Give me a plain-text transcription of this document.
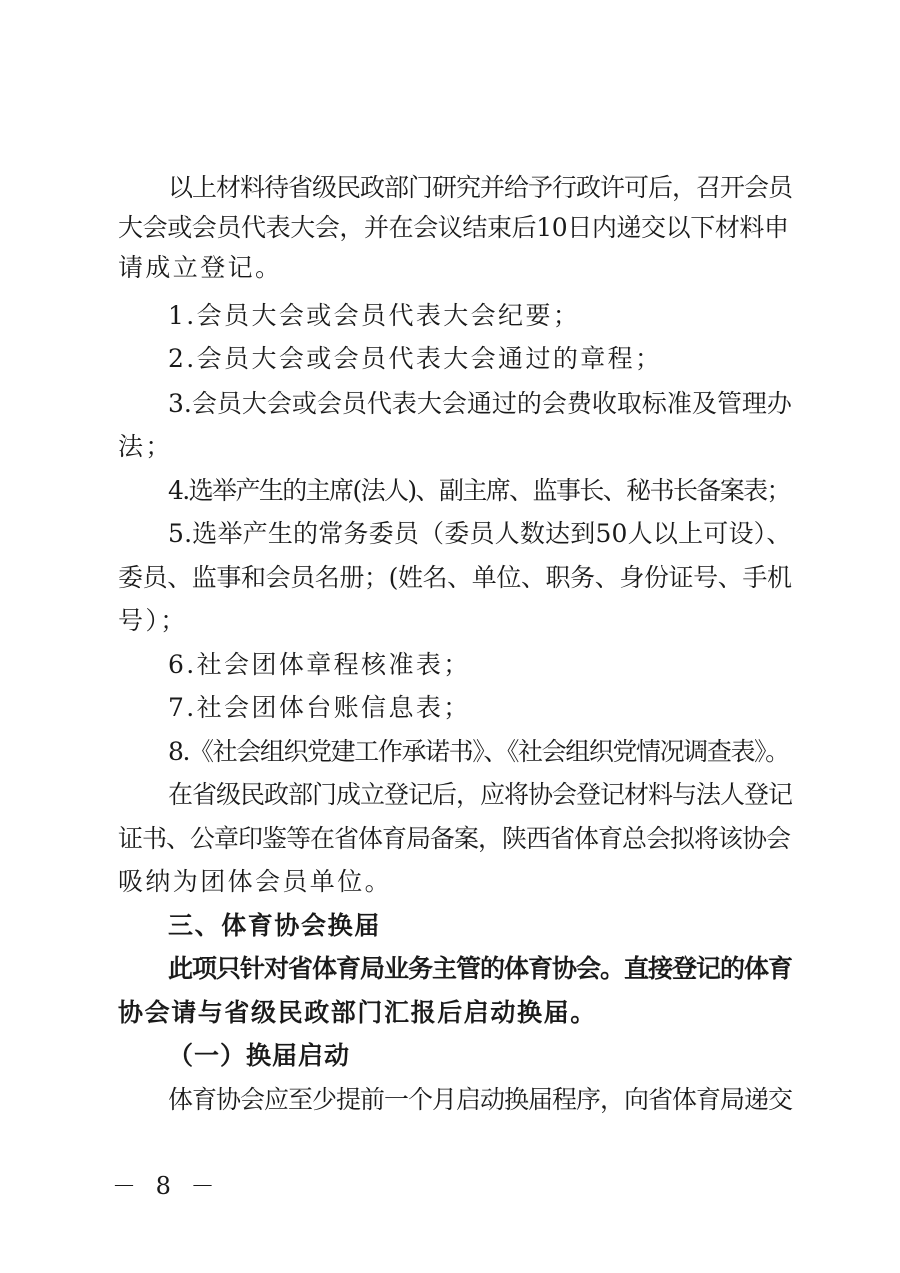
以上材料待省级民政部门研究并给予行政许可后，召开会员
大会或会员代表大会，并在会议结束后10日内递交以下材料申
请成立登记。
1.会员大会或会员代表大会纪要；
2.会员大会或会员代表大会通过的章程；
3.会员大会或会员代表大会通过的会费收取标准及管理办
法；
4.选举产生的主席(法人)、副主席、监事长、秘书长备案表；
5.选举产生的常务委员（委员人数达到50人以上可设）、
委员、监事和会员名册；(姓名、单位、职务、身份证号、手机
号）；
6.社会团体章程核准表；
7.社会团体台账信息表；
8.《社会组织党建工作承诺书》、《社会组织党情况调查表》。
在省级民政部门成立登记后，应将协会登记材料与法人登记
证书、公章印鉴等在省体育局备案，陕西省体育总会拟将该协会
吸纳为团体会员单位。
三、体育协会换届
此项只针对省体育局业务主管的体育协会。直接登记的体育
协会请与省级民政部门汇报后启动换届。
（一）换届启动
体育协会应至少提前一个月启动换届程序，向省体育局递交
－ 8 －
